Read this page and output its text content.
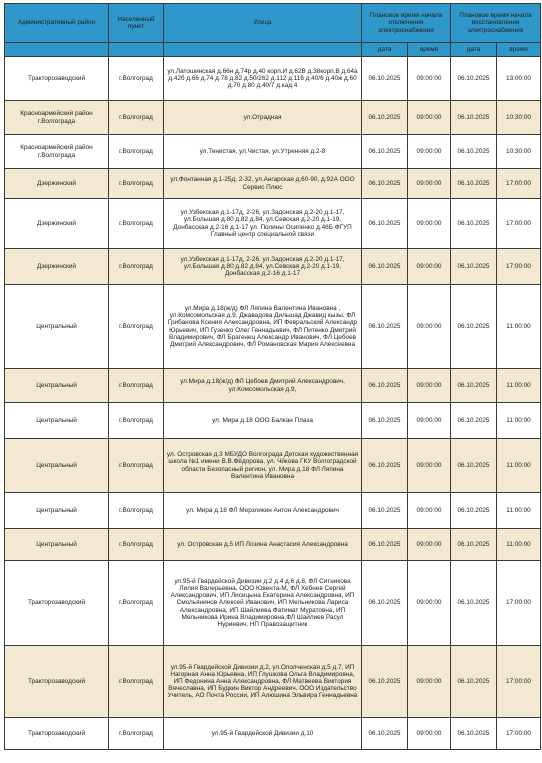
Административный район	Населенный пункт	Улица	Плановое время начала отключения электроснабжения		Плановое время начала восстановления электроснабжения	
			дата	время	дата	время
Тракторозаводский	г.Волгоград	ул.Латошинская д.66н д.74р д.40 корп.И д.62В д.38корп.В д.64а д.42б д.66 д.74 д.78 д.82 д.50/262 д.112 д.116 д.40/6 д.40ж д.60 д.70 д.80 д.40/7 д.кад.4	06.10.2025	09:00:00	06.10.2025	13:00:00
Красноармейский район г.Волгограда	г.Волгоград	ул.Отрадная	06.10.2025	09:00:00	06.10.2025	10:30:00
Красноармейский район г.Волгограда	г.Волгоград	ул.Тенистая, ул.Чистая, ул.Утренняя д.2-8	06.10.2025	09:00:00	06.10.2025	10:30:00
Дзержинский	г.Волгоград	ул.Фонтанная д.1-25д, 2-32, ул.Ангарская д.60-90, д.92А ООО Сервис Плюс	06.10.2025	09:00:00	06.10.2025	17:00:00
Дзержинский	г.Волгоград	ул.Узбекская д.1-17д, 2-26, ул.Задонская д.2-20 д.1-17, ул.Большая д.80 д.82 д.84, ул.Севская д.2-20 д.1-19, Донбасская д.2-16 д.1-17 ул. Полины Осипенко д.46Б ФГУП Главный центр специальной связи	06.10.2025	09:00:00	06.10.2025	17:00:00
Дзержинский	г.Волгоград	ул.Узбекская д.1-17д, 2-26, ул.Задонская д.2-20 д.1-17, ул.Большая д.80 д.82 д.84, ул.Севская д.2-20 д.1-19, Донбасская д.2-16 д.1-17	06.10.2025	09:00:00	06.10.2025	17:00:00
Центральный	г.Волгоград	ул.Мира д.18(ж/д) ФЛ Ляпина Валентина Ивановна , ул.Комсомольская д.9, Джавадова Дильшад Джавид кызы, ФЛ Грибанова Ксения Александровна, ИП Февральский Александр Юрьевич, ИП Гузенко Олег Геннадьевич, ФЛ Питенко Дмитрий Владимирович, ФЛ Брагенец Александр Иванович, ФЛ Цебоев Дмитрий Александрович, ФЛ Романовская Мария Алексеевна	06.10.2025	09:00:00	06.10.2025	11:00:00
Центральный	г.Волгоград	ул.Мира д.18(ж/д) ФЛ Цебоев Дмитрий Александрович, ул.Комсомольская д.9,	06.10.2025	09:00:00	06.10.2025	11:00:00
Центральный	г.Волгоград	ул. Мира д.18 ООО Балкан Плаза	06.10.2025	09:00:00	06.10.2025	11:00:00
Центральный	г.Волгоград	ул. Островская д.3 МБУДО Волгограда Детская художественная школа №1 имени В.В.Фёдорова, ул. Чйкова ГКУ Волгоградской области Безопасный регион, ул. Мира д.18 ФЛ Ляпина Валентина Ивановна	06.10.2025	09:00:00	06.10.2025	11:00:00
Центральный	г.Волгоград	ул. Мира д.18 ФЛ Мерзликин Антон Александрович	06.10.2025	09:00:00	06.10.2025	11:00:00
Центральный	г.Волгоград	ул. Островская д.5 ИП Лозина Анастасия Александровна	06.10.2025	09:00:00	06.10.2025	11:00:00
Тракторозаводский	г.Волгоград	ул.95-й Гвардейской Дивизии д.2 д.4 д.6 д.8, ФЛ Ситникова Лилия Валерьевна, ООО Ювента-М, ФЛ Хебнев Сергей Александрович, ИП Лисицына Екатерина Александровна, ИП Смольянинов Алексей Иванович, ИП Мельникова Лариса Александровна, ИП Шайлиева Фатимат Муратовна, ИП Мельникова Ирина Владимировна,ФЛ Шайлиев Расул Нуриевич, НП Правозащитник	06.10.2025	09:00:00	06.10.2025	17:00:00
Тракторозаводский	г.Волгоград	ул.95-й Гвардейской Дивизии д.2, ул.Ополченская д.5 д.7, ИП Нагорная Анна Юрьевна, ИП Глушкова Ольга Владимировна, ИП Федонина Анна Александровна, ФЛ Матвеева Виктория Вячеславна, ИП Будкин Виктор Андреевич, ООО Издательство Учитель, АО Почта России, ИП Алюшина Эльвира Геннадьевна	06.10.2025	09:00:00	06.10.2025	17:00:00
Тракторозаводский	г.Волгоград	ул.95-й Гвардейской Дивизии д.10	06.10.2025	09:00:00	06.10.2025	17:00:00
